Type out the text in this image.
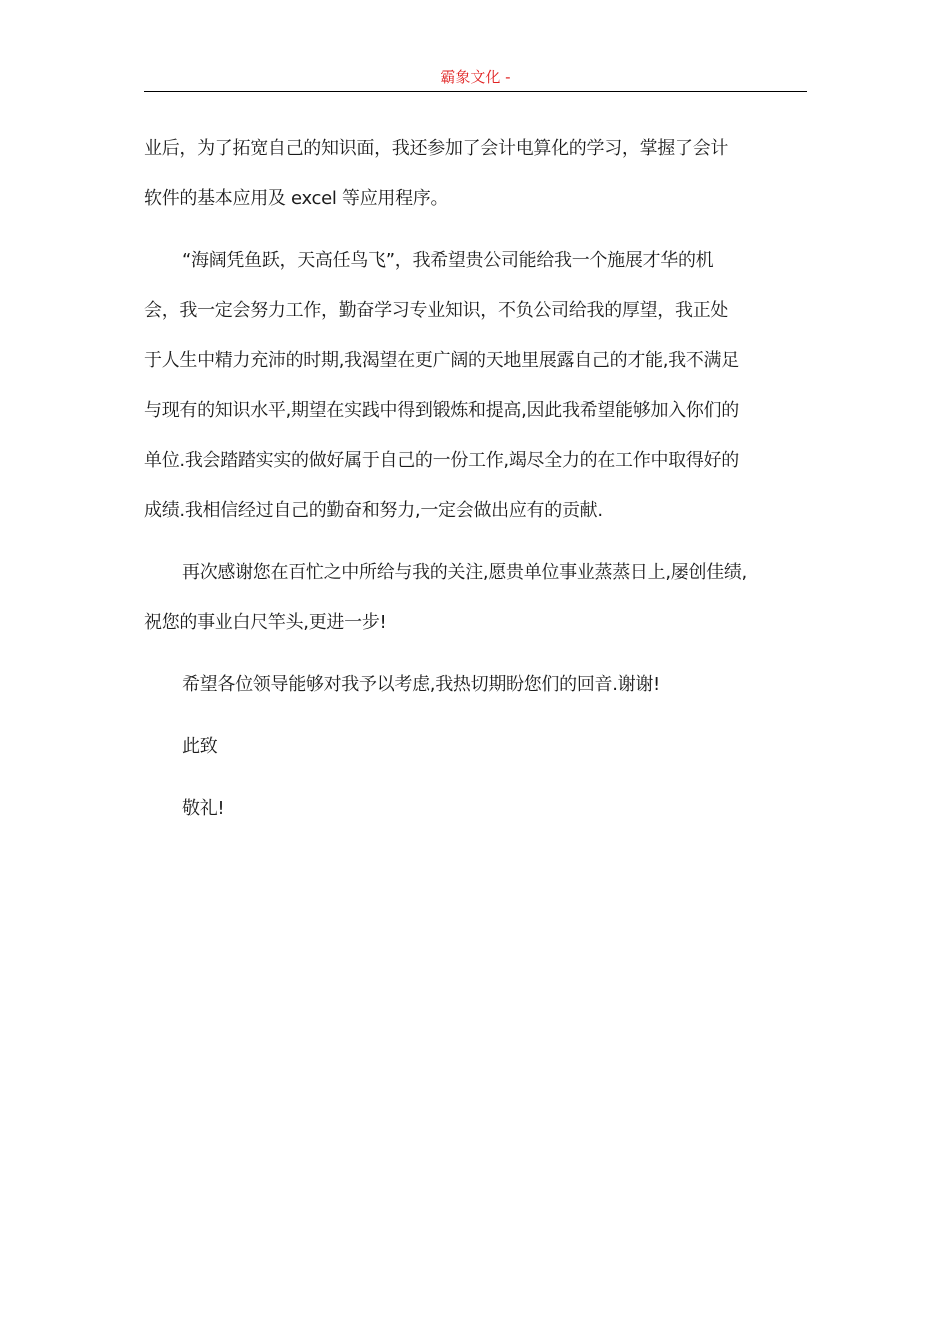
霸象文化 -

业后，为了拓宽自己的知识面，我还参加了会计电算化的学习，掌握了会计

软件的基本应用及 excel 等应用程序。

“海阔凭鱼跃，天高任鸟飞”，我希望贵公司能给我一个施展才华的机

会，我一定会努力工作，勤奋学习专业知识，不负公司给我的厚望，我正处

于人生中精力充沛的时期,我渴望在更广阔的天地里展露自己的才能,我不满足

与现有的知识水平,期望在实践中得到锻炼和提高,因此我希望能够加入你们的

单位.我会踏踏实实的做好属于自己的一份工作,竭尽全力的在工作中取得好的

成绩.我相信经过自己的勤奋和努力,一定会做出应有的贡献.

再次感谢您在百忙之中所给与我的关注,愿贵单位事业蒸蒸日上,屡创佳绩,

祝您的事业白尺竿头,更进一步!

希望各位领导能够对我予以考虑,我热切期盼您们的回音.谢谢!

此致

敬礼!
